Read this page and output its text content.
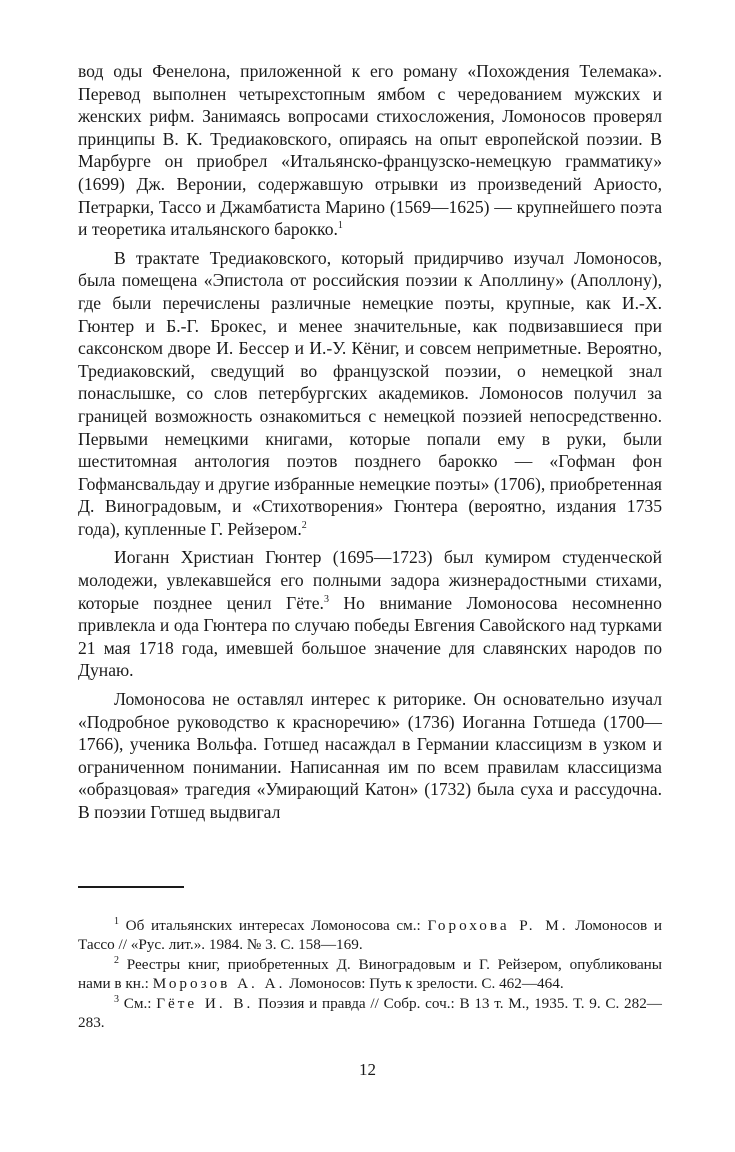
вод оды Фенелона, приложенной к его роману «Похождения Телемака». Перевод выполнен четырехстопным ямбом с чередованием мужских и женских рифм. Занимаясь вопросами стихосложения, Ломоносов проверял принципы В. К. Тредиаковского, опираясь на опыт европейской поэзии. В Марбурге он приобрел «Итальянско-французско-немецкую грамматику» (1699) Дж. Веронии, содержавшую отрывки из произведений Ариосто, Петрарки, Тассо и Джамбатиста Марино (1569—1625) — крупнейшего поэта и теоретика итальянского барокко.$^1$

В трактате Тредиаковского, который придирчиво изучал Ломоносов, была помещена «Эпистола от российския поэзии к Аполлину» (Аполлону), где были перечислены различные немецкие поэты, крупные, как И.-Х. Гюнтер и Б.-Г. Брокес, и менее значительные, как подвизавшиеся при саксонском дворе И. Бессер и И.-У. Кёниг, и совсем неприметные. Вероятно, Тредиаковский, сведущий во французской поэзии, о немецкой знал понаслышке, со слов петербургских академиков. Ломоносов получил за границей возможность ознакомиться с немецкой поэзией непосредственно. Первыми немецкими книгами, которые попали ему в руки, были шеститомная антология поэтов позднего барокко — «Гофман фон Гофмансвальдау и другие избранные немецкие поэты» (1706), приобретенная Д. Виноградовым, и «Стихотворения» Гюнтера (вероятно, издания 1735 года), купленные Г. Рейзером.$^2$

Иоганн Христиан Гюнтер (1695—1723) был кумиром студенческой молодежи, увлекавшейся его полными задора жизнерадостными стихами, которые позднее ценил Гёте.$^3$ Но внимание Ломоносова несомненно привлекла и ода Гюнтера по случаю победы Евгения Савойского над турками 21 мая 1718 года, имевшей большое значение для славянских народов по Дунаю.

Ломоносова не оставлял интерес к риторике. Он основательно изучал «Подробное руководство к красноречию» (1736) Иоганна Готшеда (1700—1766), ученика Вольфа. Готшед насаждал в Германии классицизм в узком и ограниченном понимании. Написанная им по всем правилам классицизма «образцовая» трагедия «Умирающий Катон» (1732) была суха и рассудочна. В поэзии Готшед выдвигал

$^1$ Об итальянских интересах Ломоносова см.: Горохова Р. М. Ломоносов и Тассо // «Рус. лит.». 1984. № 3. С. 158—169.

$^2$ Реестры книг, приобретенных Д. Виноградовым и Г. Рейзером, опубликованы нами в кн.: Морозов А. А. Ломоносов: Путь к зрелости. С. 462—464.

$^3$ См.: Гёте И. В. Поэзия и правда // Собр. соч.: В 13 т. М., 1935. Т. 9. С. 282—283.

12
